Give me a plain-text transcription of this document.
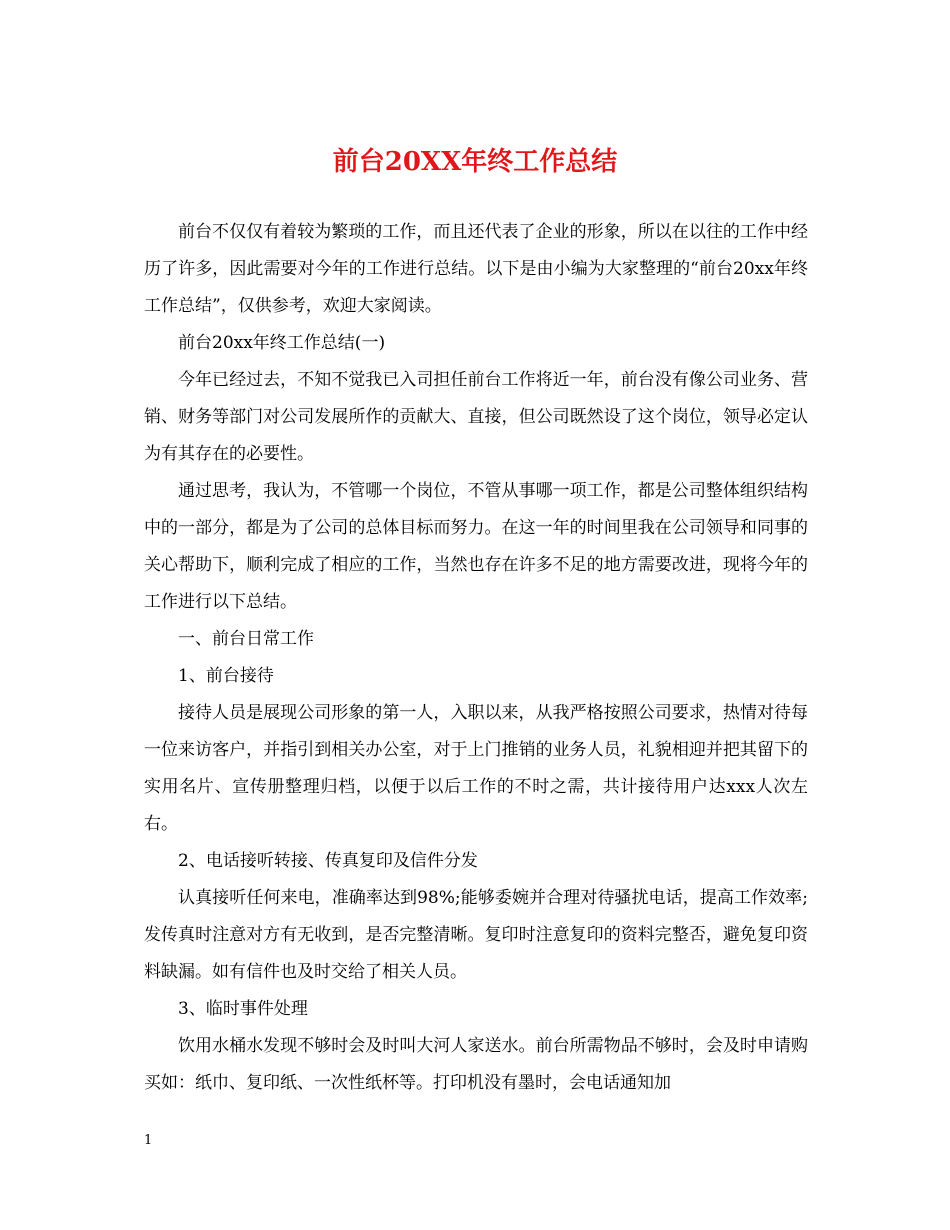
前台20XX年终工作总结

前台不仅仅有着较为繁琐的工作，而且还代表了企业的形象，所以在以往的工作中经历了许多，因此需要对今年的工作进行总结。以下是由小编为大家整理的“前台20xx年终工作总结”，仅供参考，欢迎大家阅读。

前台20xx年终工作总结(一)

今年已经过去，不知不觉我已入司担任前台工作将近一年，前台没有像公司业务、营销、财务等部门对公司发展所作的贡献大、直接，但公司既然设了这个岗位，领导必定认为有其存在的必要性。

通过思考，我认为，不管哪一个岗位，不管从事哪一项工作，都是公司整体组织结构中的一部分，都是为了公司的总体目标而努力。在这一年的时间里我在公司领导和同事的关心帮助下，顺利完成了相应的工作，当然也存在许多不足的地方需要改进，现将今年的工作进行以下总结。

一、前台日常工作

1、前台接待

接待人员是展现公司形象的第一人，入职以来，从我严格按照公司要求，热情对待每一位来访客户，并指引到相关办公室，对于上门推销的业务人员，礼貌相迎并把其留下的实用名片、宣传册整理归档，以便于以后工作的不时之需，共计接待用户达xxx人次左右。

2、电话接听转接、传真复印及信件分发

认真接听任何来电，准确率达到98%;能够委婉并合理对待骚扰电话，提高工作效率;发传真时注意对方有无收到，是否完整清晰。复印时注意复印的资料完整否，避免复印资料缺漏。如有信件也及时交给了相关人员。

3、临时事件处理

饮用水桶水发现不够时会及时叫大河人家送水。前台所需物品不够时，会及时申请购买如：纸巾、复印纸、一次性纸杯等。打印机没有墨时，会电话通知加

1
